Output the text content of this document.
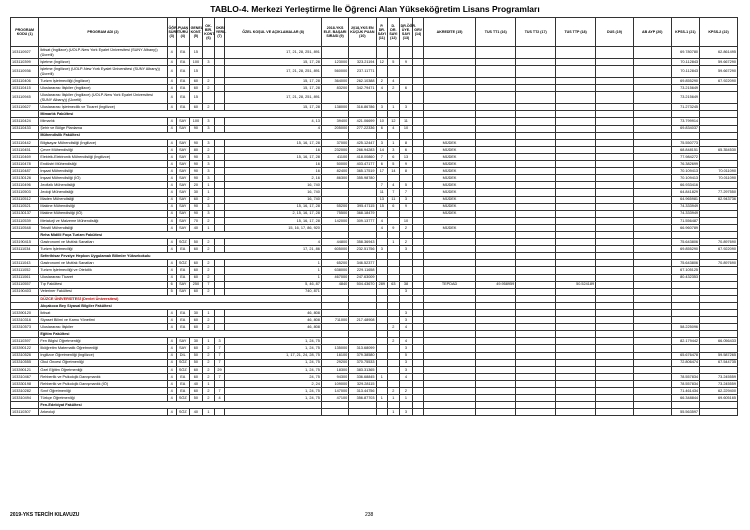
TABLO-4. Merkezi Yerleştirme İle Öğrenci Alan Yükseköğretim Lisans Programları
PROGRAM KODU (1)	PROGRAM ADI (2)	ÖĞR. SÜRE (3)	PUAN TÜRÜ (4)	GENEL KONT. (5)	OK. BİR. KONT. (6)	OKBİ YERL. (7)	ÖZEL KOŞUL VE AÇIKLAMALAR (8)	2018-YKS ELE. BAŞARI SIRASI (9)	2018-YKS EN KÜÇÜK PUAN (10)	P. DR. SAYI (11)	D. DR. SAYI (12)	DR.ÖĞR. ÜYE. SAYI (13)	GRV (14)	AKREDİTE (15)	TUS TT1 (16)	TUS TT2 (17)	TUS TTP (18)	DUS (19)	AB AYP (20)	KPSS-1 (21)	KPSS-2 (22)
103110927	İktisat (İngilizce) (UOLP-New York Eyalet Üniversitesi (SUNY Albany)) (Ücretli)	4	EA	15			17, 21, 28, 251, 891													69.780780	62.861495
103110399	İşletme (İngilizce)	4	EA	100	3		15, 17, 28	123000	323.21194	12	5	9								70.112843	59.667290
103110936	İşletme (İngilizce) (UOLP-New York Eyalet Üniversitesi (SUNY Albany)) (Ücretli)	4	EA	15			17, 21, 28, 251, 891	560000	237.11771											70.112843	59.667290
103110406	Turizm İşletmeciliği (İngilizce)	4	EA	60	2		15, 17, 28	364000	262.10388	2	4									69.855290	67.922090
103110415	Uluslararası İlişkiler (İngilizce)	4	EA	60	2		15, 17, 28	83200	342.79471	4	2	6								73.215649	
103110945	Uluslararası İlişkiler (İngilizce) (UOLP-New York Eyalet Üniversitesi (SUNY Albany)) (Ücretli)	4	EA	15			17, 21, 28, 251, 891													73.215649	
103110627	Uluslararası İşletmecilik ve Ticaret (İngilizce)	4	EA	60	2		15, 17, 28	138000	316.86786	3	1	3								71.273245	
	Mimarlık Fakültesi																				
103110424	Mimarlık	4	SAY	100	3		4, 13	39400	421.06699	10	12	11								73.799914	
103110433	Şehir ve Bölge Planlama	4	SAY	90	3		4	205000	277.22336	6	4	10								69.834037	
	Mühendislik Fakültesi																				
103110442	Bilgisayar Mühendisliği (İngilizce)	4	SAY	90	3		15, 16, 17, 28	37000	425.12447	3	1	8		MÜDEK						75.550773	
103110451	Çevre Mühendisliği	4	SAY	80	2		16	232000	266.94283	14	3	6		MÜDEK						68.848151	65.354530
103110469	Elektrik-Elektronik Mühendisliği (İngilizce)	4	SAY	90	3		15, 16, 17, 28	41100	418.00860	7	6	13		MÜDEK						77.984272	
103110478	Endüstri Mühendisliği	4	SAY	90	3		16	50000	403.47177	6	5	9		MÜDEK						76.382699	
103110487	İnşaat Mühendisliği	4	SAY	90	3		16	82400	365.17519	17	14	8		MÜDEK						70.109413	70.011090
103130126	İnşaat Mühendisliği (İÖ)	4	SAY	90	3		2, 16	86300	355.98780					MÜDEK						70.109413	70.011090
103110496	Jeofizik Mühendisliği	4	SAY	20	1		16, 740			7	4	5		MÜDEK						66.933416	
103110503	Jeoloji Mühendisliği	4	SAY	30	1		16, 740			11	7	7		MÜDEK						64.841829	77.297550
103110512	Maden Mühendisliği	4	SAY	60	2		16, 740			13	11	3		MÜDEK						64.965981	62.943736
103110521	Makine Mühendisliği	4	SAY	90	3		15, 16, 17, 28	55200	395.47115	15	6	9		MÜDEK						74.333949	
103130137	Makine Mühendisliği (İÖ)	4	SAY	90	3		2, 15, 16, 17, 28	75500	368.18479					MÜDEK						74.333949	
103110539	Metalurji ve Malzeme Mühendisliği	4	SAY	70	2		15, 16, 17, 28	142000	309.13777	4		10								71.556487	
103110548	Tekstil Mühendisliği	4	SAY	40	1		15, 16, 17, 86, 920			4	9	2		MÜDEK						66.960789	
	Reha Midilli Foça Turizm Fakültesi																				
103190415	Gastronomi ve Mutfak Sanatları	4	SÖZ	50	2		4	44800	358.36943		1	2								75.643806	70.897690
103111034	Turizm İşletmeciliği	4	EA	60	2		17, 21, 86	605000	232.51756	3		3								69.855290	67.922090
	Seferihisar Fevziye Hepkon Uygulamalı Bilimler Yüksekokulu																				
103111043	Gastronomi ve Mutfak Sanatları	4	SÖZ	60	2		1	65200	346.52377											75.643806	70.897690
103111052	Turizm İşletmeciliği ve Otelcilik	4	EA	60	2		1	638000	229.11658											67.105125	
103111061	Uluslararası Ticaret	4	EA	60	2		1	467000	247.63009											80.432353	
103110557	Tıp Fakültesi	6	SAY	250	7		5, 46, 87	4840	504.43670	289	63	38		TEPDAD	49.958959		50.524189				
103190403	Veteriner Fakültesi	5	SAY	60	2		740, 871					3									
	DÜZCE ÜNİVERSİTESİ (Devlet Üniversitesi)																				
	Akçakoca Bey Siyasal Bilgiler Fakültesi																				
103390120	İktisat	4	EA	30	1		46, 808					3									
103310316	Siyaset Bilimi ve Kamu Yönetimi	4	EA	60	2		46, 808	711000	217.48908			3									
103310573	Uluslararası İlişkiler	4	EA	60	2		46, 808				2	4								58.225096	
	Eğitim Fakültesi																				
103110397	Fen Bilgisi Öğretmenliği	4	SAY	30	1	3	1, 24, 75				2	4								82.179442	66.056433
103390122	İlköğretim Matematik Öğretmenliği	4	SAY	60	2	7	1, 24, 75	135000	313.68099			3									
103310526	İngilizce Öğretmenliği (İngilizce)	4	DİL	50	2	7	1, 17, 21, 24, 28, 75	16100	379.38580			5								65.676478	59.587265
103310555	Okul Öncesi Öğretmenliği	4	SÖZ	50	2	7	1, 24, 75	29200	370.75533			3								72.806474	67.544735
103390121	Özel Eğitim Öğretmenliği	4	SÖZ	60	2	29	1, 24, 75	18300	383.31365			3									
103310467	Rehberlik ve Psikolojik Danışmanlık	4	EA	60	2	7	24, 75	94300	336.68845	1		4								78.557834	73.245559
103330198	Rehberlik ve Psikolojik Danışmanlık (İÖ)	4	EA	40	1		2, 24	109000	329.28115											78.557834	73.245559
103310282	Sınıf Öğretmenliği	4	EA	60	2	7	1, 24, 75	147000	313.44756		2	2								71.461434	62.229400
103310494	Türkçe Öğretmenliği	4	SÖZ	50	2	4	1, 24, 75	47100	356.87703	1	1	1								66.348844	69.605165
	Fen-Edebiyat Fakültesi																				
103110307	Arkeoloji	4	SÖZ	40	1						1	3								55.563597	
2019-YKS TERCİH KILAVUZU	238
